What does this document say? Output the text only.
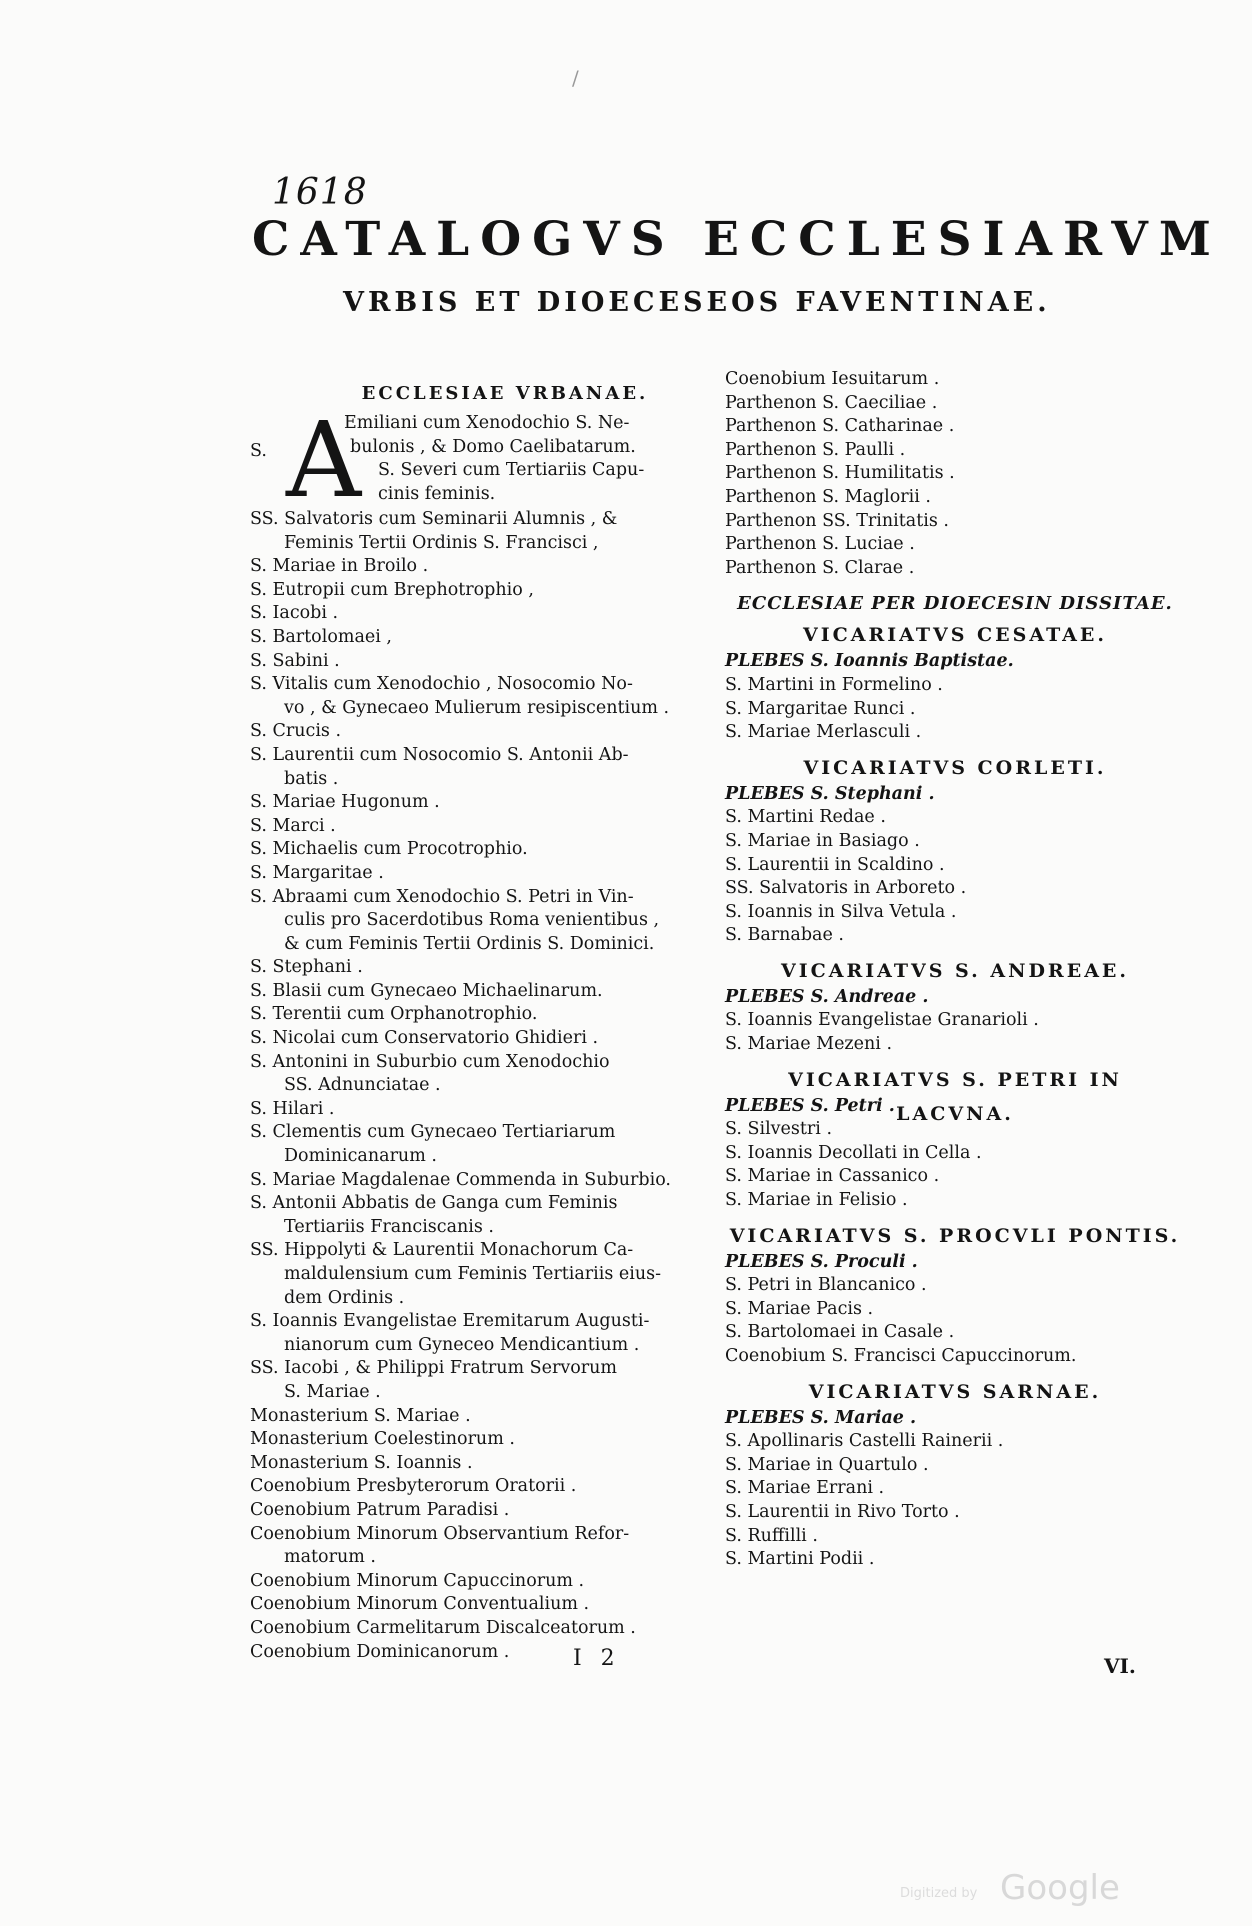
1618
CATALOGVS ECCLESIARVM
VRBIS ET DIOECESEOS FAVENTINAE.
/
ECCLESIAE VRBANAE.
S. A
Emiliani cum Xenodochio S. Ne-
bulonis , & Domo Caelibatarum.
S. Severi cum Tertiariis Capu-
cinis feminis.
SS. Salvatoris cum Seminarii Alumnis , &
Feminis Tertii Ordinis S. Francisci ,
S. Mariae in Broilo .
S. Eutropii cum Brephotrophio ,
S. Iacobi .
S. Bartolomaei ,
S. Sabini .
S. Vitalis cum Xenodochio , Nosocomio No-
vo , & Gynecaeo Mulierum resipiscentium .
S. Crucis .
S. Laurentii cum Nosocomio S. Antonii Ab-
batis .
S. Mariae Hugonum .
S. Marci .
S. Michaelis cum Procotrophio.
S. Margaritae .
S. Abraami cum Xenodochio S. Petri in Vin-
culis pro Sacerdotibus Roma venientibus ,
& cum Feminis Tertii Ordinis S. Dominici.
S. Stephani .
S. Blasii cum Gynecaeo Michaelinarum.
S. Terentii cum Orphanotrophio.
S. Nicolai cum Conservatorio Ghidieri .
S. Antonini in Suburbio cum Xenodochio
SS. Adnunciatae .
S. Hilari .
S. Clementis cum Gynecaeo Tertiariarum
Dominicanarum .
S. Mariae Magdalenae Commenda in Suburbio.
S. Antonii Abbatis de Ganga cum Feminis
Tertiariis Franciscanis .
SS. Hippolyti & Laurentii Monachorum Ca-
maldulensium cum Feminis Tertiariis eius-
dem Ordinis .
S. Ioannis Evangelistae Eremitarum Augusti-
nianorum cum Gyneceo Mendicantium .
SS. Iacobi , & Philippi Fratrum Servorum
S. Mariae .
Monasterium S. Mariae .
Monasterium Coelestinorum .
Monasterium S. Ioannis .
Coenobium Presbyterorum Oratorii .
Coenobium Patrum Paradisi .
Coenobium Minorum Observantium Refor-
matorum .
Coenobium Minorum Capuccinorum .
Coenobium Minorum Conventualium .
Coenobium Carmelitarum Discalceatorum .
Coenobium Dominicanorum .
Coenobium Iesuitarum .
Parthenon S. Caeciliae .
Parthenon S. Catharinae .
Parthenon S. Paulli .
Parthenon S. Humilitatis .
Parthenon S. Maglorii .
Parthenon SS. Trinitatis .
Parthenon S. Luciae .
Parthenon S. Clarae .
ECCLESIAE PER DIOECESIN DISSITAE.
VICARIATVS CESATAE.
PLEBES S. Ioannis Baptistae.
S. Martini in Formelino .
S. Margaritae Runci .
S. Mariae Merlasculi .
VICARIATVS CORLETI.
PLEBES S. Stephani .
S. Martini Redae .
S. Mariae in Basiago .
S. Laurentii in Scaldino .
SS. Salvatoris in Arboreto .
S. Ioannis in Silva Vetula .
S. Barnabae .
VICARIATVS S. ANDREAE.
PLEBES S. Andreae .
S. Ioannis Evangelistae Granarioli .
S. Mariae Mezeni .
VICARIATVS S. PETRI IN LACVNA.
PLEBES S. Petri .
S. Silvestri .
S. Ioannis Decollati in Cella .
S. Mariae in Cassanico .
S. Mariae in Felisio .
VICARIATVS S. PROCVLI PONTIS.
PLEBES S. Proculi .
S. Petri in Blancanico .
S. Mariae Pacis .
S. Bartolomaei in Casale .
Coenobium S. Francisci Capuccinorum.
VICARIATVS SARNAE.
PLEBES S. Mariae .
S. Apollinaris Castelli Rainerii .
S. Mariae in Quartulo .
S. Mariae Errani .
S. Laurentii in Rivo Torto .
S. Ruffilli .
S. Martini Podii .
I 2	VI.
Digitized by Google
